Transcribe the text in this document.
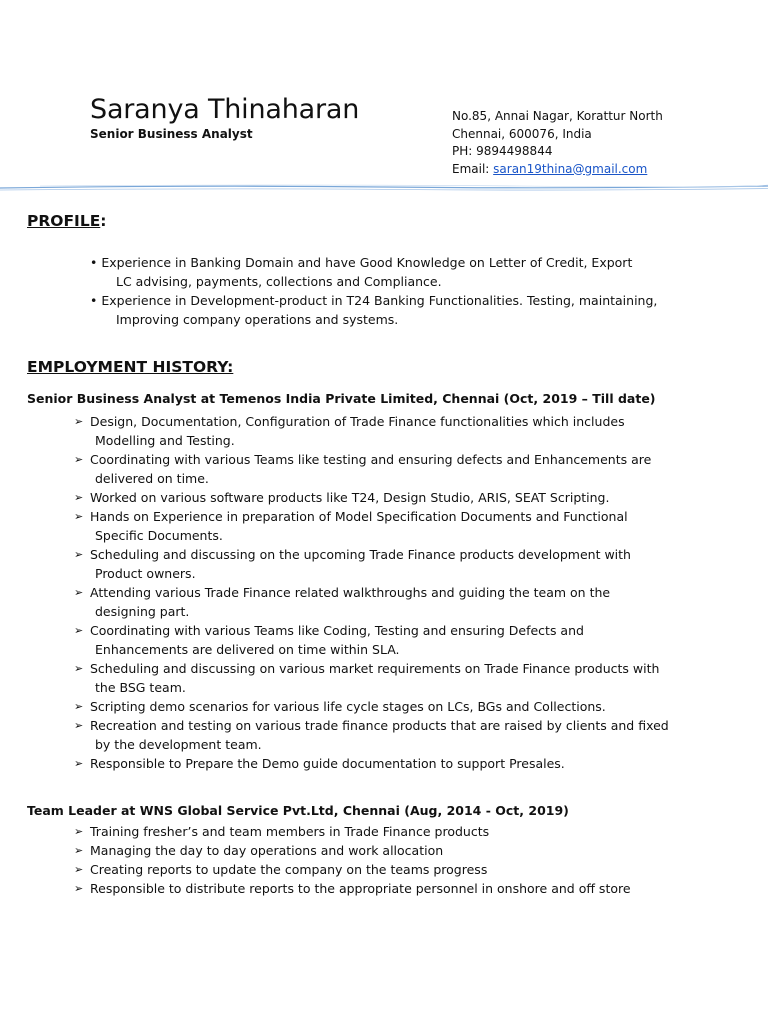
Saranya Thinaharan
Senior Business Analyst
No.85, Annai Nagar, Korattur North
Chennai, 600076, India
PH: 9894498844
Email: saran19thina@gmail.com
PROFILE:
• Experience in Banking Domain and have Good Knowledge on Letter of Credit, Export
LC advising, payments, collections and Compliance.
• Experience in Development-product in T24 Banking Functionalities. Testing, maintaining,
Improving company operations and systems.
EMPLOYMENT HISTORY:
Senior Business Analyst at Temenos India Private Limited, Chennai (Oct, 2019 – Till date)
➢ Design, Documentation, Configuration of Trade Finance functionalities which includes
Modelling and Testing.
➢ Coordinating with various Teams like testing and ensuring defects and Enhancements are
delivered on time.
➢ Worked on various software products like T24, Design Studio, ARIS, SEAT Scripting.
➢ Hands on Experience in preparation of Model Specification Documents and Functional
Specific Documents.
➢ Scheduling and discussing on the upcoming Trade Finance products development with
Product owners.
➢ Attending various Trade Finance related walkthroughs and guiding the team on the
designing part.
➢ Coordinating with various Teams like Coding, Testing and ensuring Defects and
Enhancements are delivered on time within SLA.
➢ Scheduling and discussing on various market requirements on Trade Finance products with
the BSG team.
➢ Scripting demo scenarios for various life cycle stages on LCs, BGs and Collections.
➢ Recreation and testing on various trade finance products that are raised by clients and fixed
by the development team.
➢ Responsible to Prepare the Demo guide documentation to support Presales.
Team Leader at WNS Global Service Pvt.Ltd, Chennai (Aug, 2014 - Oct, 2019)
➢ Training fresher’s and team members in Trade Finance products
➢ Managing the day to day operations and work allocation
➢ Creating reports to update the company on the teams progress
➢ Responsible to distribute reports to the appropriate personnel in onshore and off store
